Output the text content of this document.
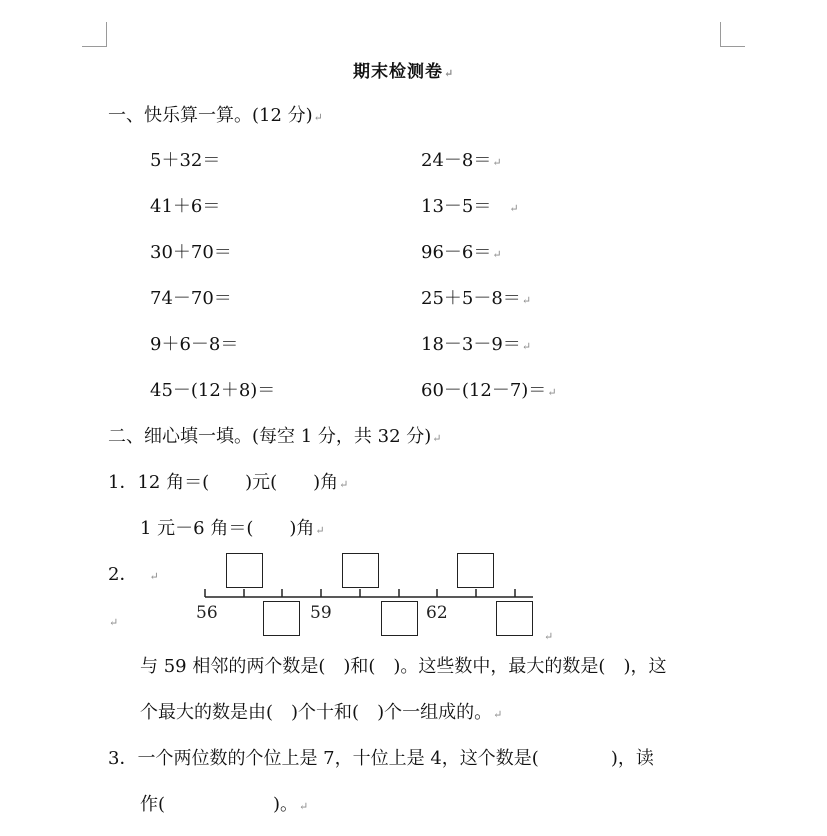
期末检测卷↵
一、快乐算一算。(12 分)↵
5＋32＝
41＋6＝
30＋70＝
74－70＝
9＋6－8＝
45－(12＋8)＝
24－8＝↵
13－5＝ ↵
96－6＝↵
25＋5－8＝↵
18－3－9＝↵
60－(12－7)＝↵
二、细心填一填。(每空 1 分，共 32 分)↵
1．12 角＝(　　)元(　　)角↵
1 元－6 角＝(　　)角↵
2． ↵
56	59	62
↵
↵
与 59 相邻的两个数是(　)和(　)。这些数中，最大的数是(　)，这
个最大的数是由(　)个十和(　)个一组成的。↵
3．一个两位数的个位上是 7，十位上是 4，这个数是(　　　　)，读
作(　　　　　　)。↵
